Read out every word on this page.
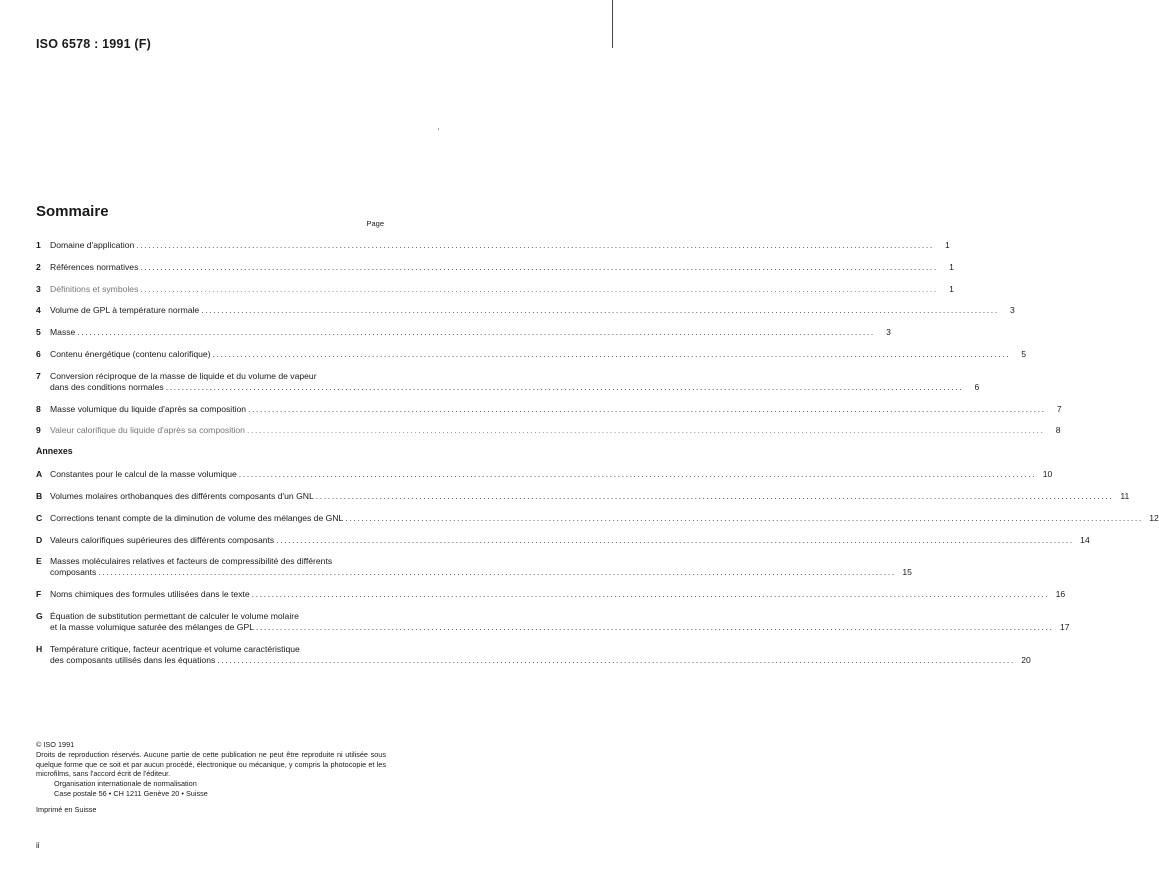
ISO 6578 : 1991 (F)
Sommaire
Page
1	Domaine d'application ........................................................................................................................................................................................................	1
2	Références normatives ........................................................................................................................................................................................................	1
3	Définitions et symboles ........................................................................................................................................................................................................	1
4	Volume de GPL à température normale ........................................................................................................................................................................................................	3
5	Masse ........................................................................................................................................................................................................	3
6	Contenu énergétique (contenu calorifique) ........................................................................................................................................................................................................	5
7	Conversion réciproque de la masse de liquide et du volume de vapeur
dans des conditions normales ........................................................................................................................................................................................................	6
8	Masse volumique du liquide d'après sa composition ........................................................................................................................................................................................................	7
9	Valeur calorifique du liquide d'après sa composition ........................................................................................................................................................................................................	8
Annexes
A Constantes pour le calcul de la masse volumique ........................................................................................................................................................................................................ 10
B Volumes molaires orthobanques des différents composants d'un GNL ........................................................................................................................................................................................................ 11
C Corrections tenant compte de la diminution de volume des mélanges de GNL ........................................................................................................................................................................................................ 12
D Valeurs calorifiques supérieures des différents composants ........................................................................................................................................................................................................ 14
E Masses moléculaires relatives et facteurs de compressibilité des différents
composants ........................................................................................................................................................................................................ 15
F	Noms chimiques des formules utilisées dans le texte ........................................................................................................................................................................................................ 16
G Équation de substitution permettant de calculer le volume molaire
et la masse volumique saturée des mélanges de GPL ........................................................................................................................................................................................................ 17
H Température critique, facteur acentrique et volume caractéristique
des composants utilisés dans les équations ........................................................................................................................................................................................................ 20
© ISO 1991
Droits de reproduction réservés. Aucune partie de cette publication ne peut être reproduite ni utilisée sous quelque forme que ce soit et par aucun procédé, électronique ou mécanique, y compris la photocopie et les microfilms, sans l'accord écrit de l'éditeur.
Organisation internationale de normalisation
Case postale 56 • CH 1211 Genève 20 • Suisse
Imprimé en Suisse
ii
